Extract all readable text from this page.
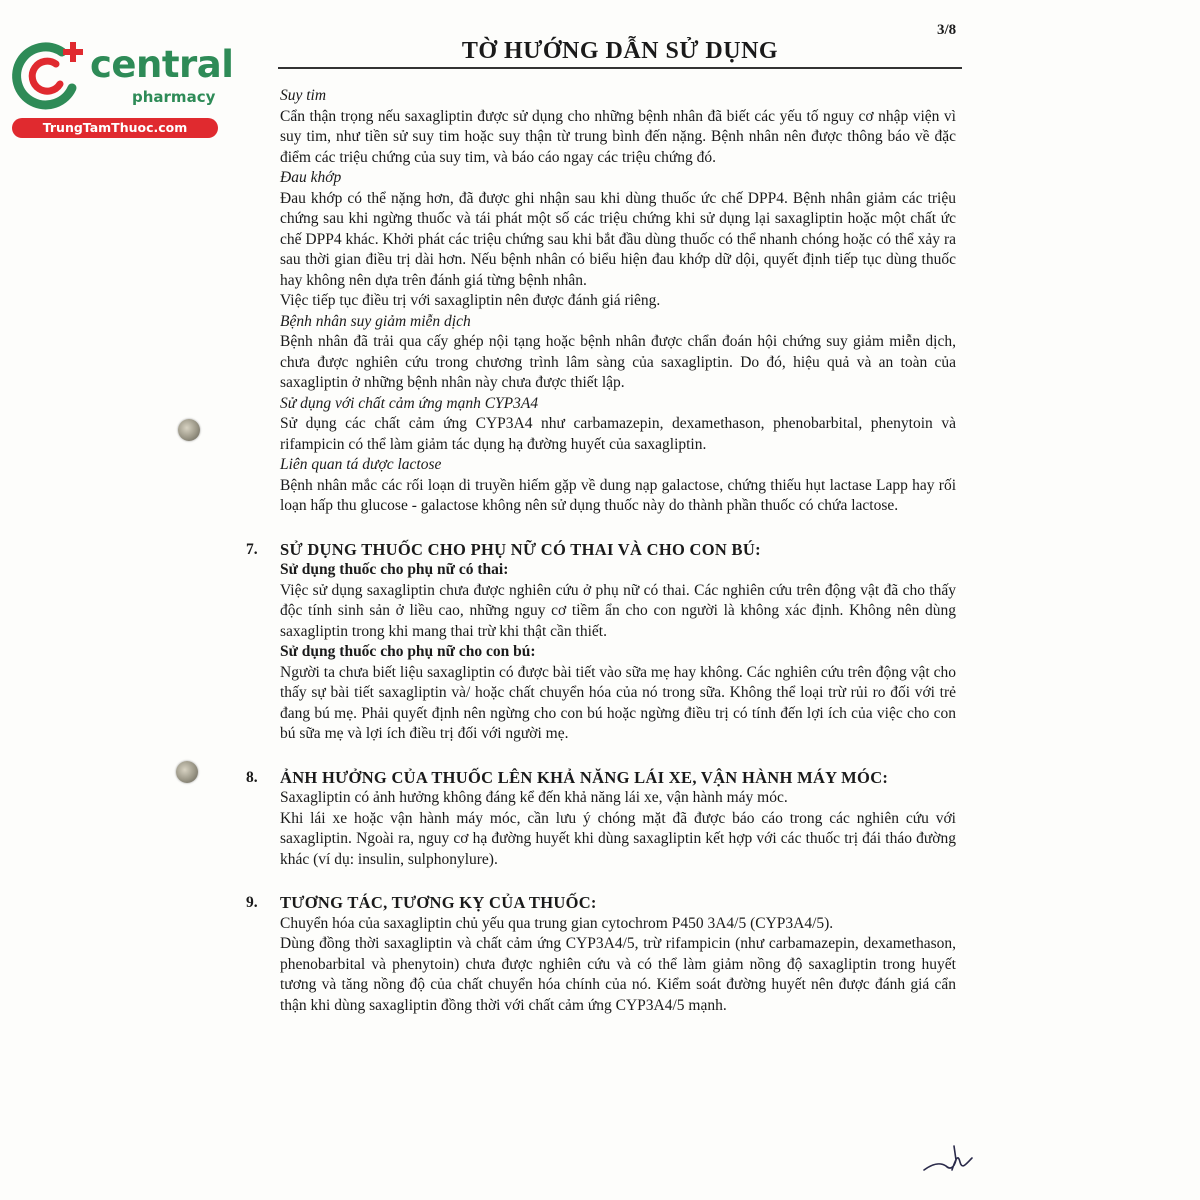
central
pharmacy
TrungTamThuoc.com
3/8
TỜ HƯỚNG DẪN SỬ DỤNG
Suy tim

Cẩn thận trọng nếu saxagliptin được sử dụng cho những bệnh nhân đã biết các yếu tố nguy cơ nhập viện vì suy tim, như tiền sử suy tim hoặc suy thận từ trung bình đến nặng. Bệnh nhân nên được thông báo về đặc điểm các triệu chứng của suy tim, và báo cáo ngay các triệu chứng đó.

Đau khớp

Đau khớp có thể nặng hơn, đã được ghi nhận sau khi dùng thuốc ức chế DPP4. Bệnh nhân giảm các triệu chứng sau khi ngừng thuốc và tái phát một số các triệu chứng khi sử dụng lại saxagliptin hoặc một chất ức chế DPP4 khác. Khởi phát các triệu chứng sau khi bắt đầu dùng thuốc có thể nhanh chóng hoặc có thể xảy ra sau thời gian điều trị dài hơn. Nếu bệnh nhân có biểu hiện đau khớp dữ dội, quyết định tiếp tục dùng thuốc hay không nên dựa trên đánh giá từng bệnh nhân.

Việc tiếp tục điều trị với saxagliptin nên được đánh giá riêng.

Bệnh nhân suy giảm miễn dịch

Bệnh nhân đã trải qua cấy ghép nội tạng hoặc bệnh nhân được chẩn đoán hội chứng suy giảm miễn dịch, chưa được nghiên cứu trong chương trình lâm sàng của saxagliptin. Do đó, hiệu quả và an toàn của saxagliptin ở những bệnh nhân này chưa được thiết lập.

Sử dụng với chất cảm ứng mạnh CYP3A4

Sử dụng các chất cảm ứng CYP3A4 như carbamazepin, dexamethason, phenobarbital, phenytoin và rifampicin có thể làm giảm tác dụng hạ đường huyết của saxagliptin.

Liên quan tá dược lactose

Bệnh nhân mắc các rối loạn di truyền hiếm gặp về dung nạp galactose, chứng thiếu hụt lactase Lapp hay rối loạn hấp thu glucose - galactose không nên sử dụng thuốc này do thành phần thuốc có chứa lactose.

7. SỬ DỤNG THUỐC CHO PHỤ NỮ CÓ THAI VÀ CHO CON BÚ:
Sử dụng thuốc cho phụ nữ có thai:

Việc sử dụng saxagliptin chưa được nghiên cứu ở phụ nữ có thai. Các nghiên cứu trên động vật đã cho thấy độc tính sinh sản ở liều cao, những nguy cơ tiềm ẩn cho con người là không xác định. Không nên dùng saxagliptin trong khi mang thai trừ khi thật cần thiết.

Sử dụng thuốc cho phụ nữ cho con bú:

Người ta chưa biết liệu saxagliptin có được bài tiết vào sữa mẹ hay không. Các nghiên cứu trên động vật cho thấy sự bài tiết saxagliptin và/ hoặc chất chuyển hóa của nó trong sữa. Không thể loại trừ rủi ro đối với trẻ đang bú mẹ. Phải quyết định nên ngừng cho con bú hoặc ngừng điều trị có tính đến lợi ích của việc cho con bú sữa mẹ và lợi ích điều trị đối với người mẹ.

8. ẢNH HƯỞNG CỦA THUỐC LÊN KHẢ NĂNG LÁI XE, VẬN HÀNH MÁY MÓC:

Saxagliptin có ảnh hưởng không đáng kể đến khả năng lái xe, vận hành máy móc.

Khi lái xe hoặc vận hành máy móc, cần lưu ý chóng mặt đã được báo cáo trong các nghiên cứu với saxagliptin. Ngoài ra, nguy cơ hạ đường huyết khi dùng saxagliptin kết hợp với các thuốc trị đái tháo đường khác (ví dụ: insulin, sulphonylure).

9. TƯƠNG TÁC, TƯƠNG KỴ CỦA THUỐC:

Chuyển hóa của saxagliptin chủ yếu qua trung gian cytochrom P450 3A4/5 (CYP3A4/5).

Dùng đồng thời saxagliptin và chất cảm ứng CYP3A4/5, trừ rifampicin (như carbamazepin, dexamethason, phenobarbital và phenytoin) chưa được nghiên cứu và có thể làm giảm nồng độ saxagliptin trong huyết tương và tăng nồng độ của chất chuyển hóa chính của nó. Kiểm soát đường huyết nên được đánh giá cẩn thận khi dùng saxagliptin đồng thời với chất cảm ứng CYP3A4/5 mạnh.
